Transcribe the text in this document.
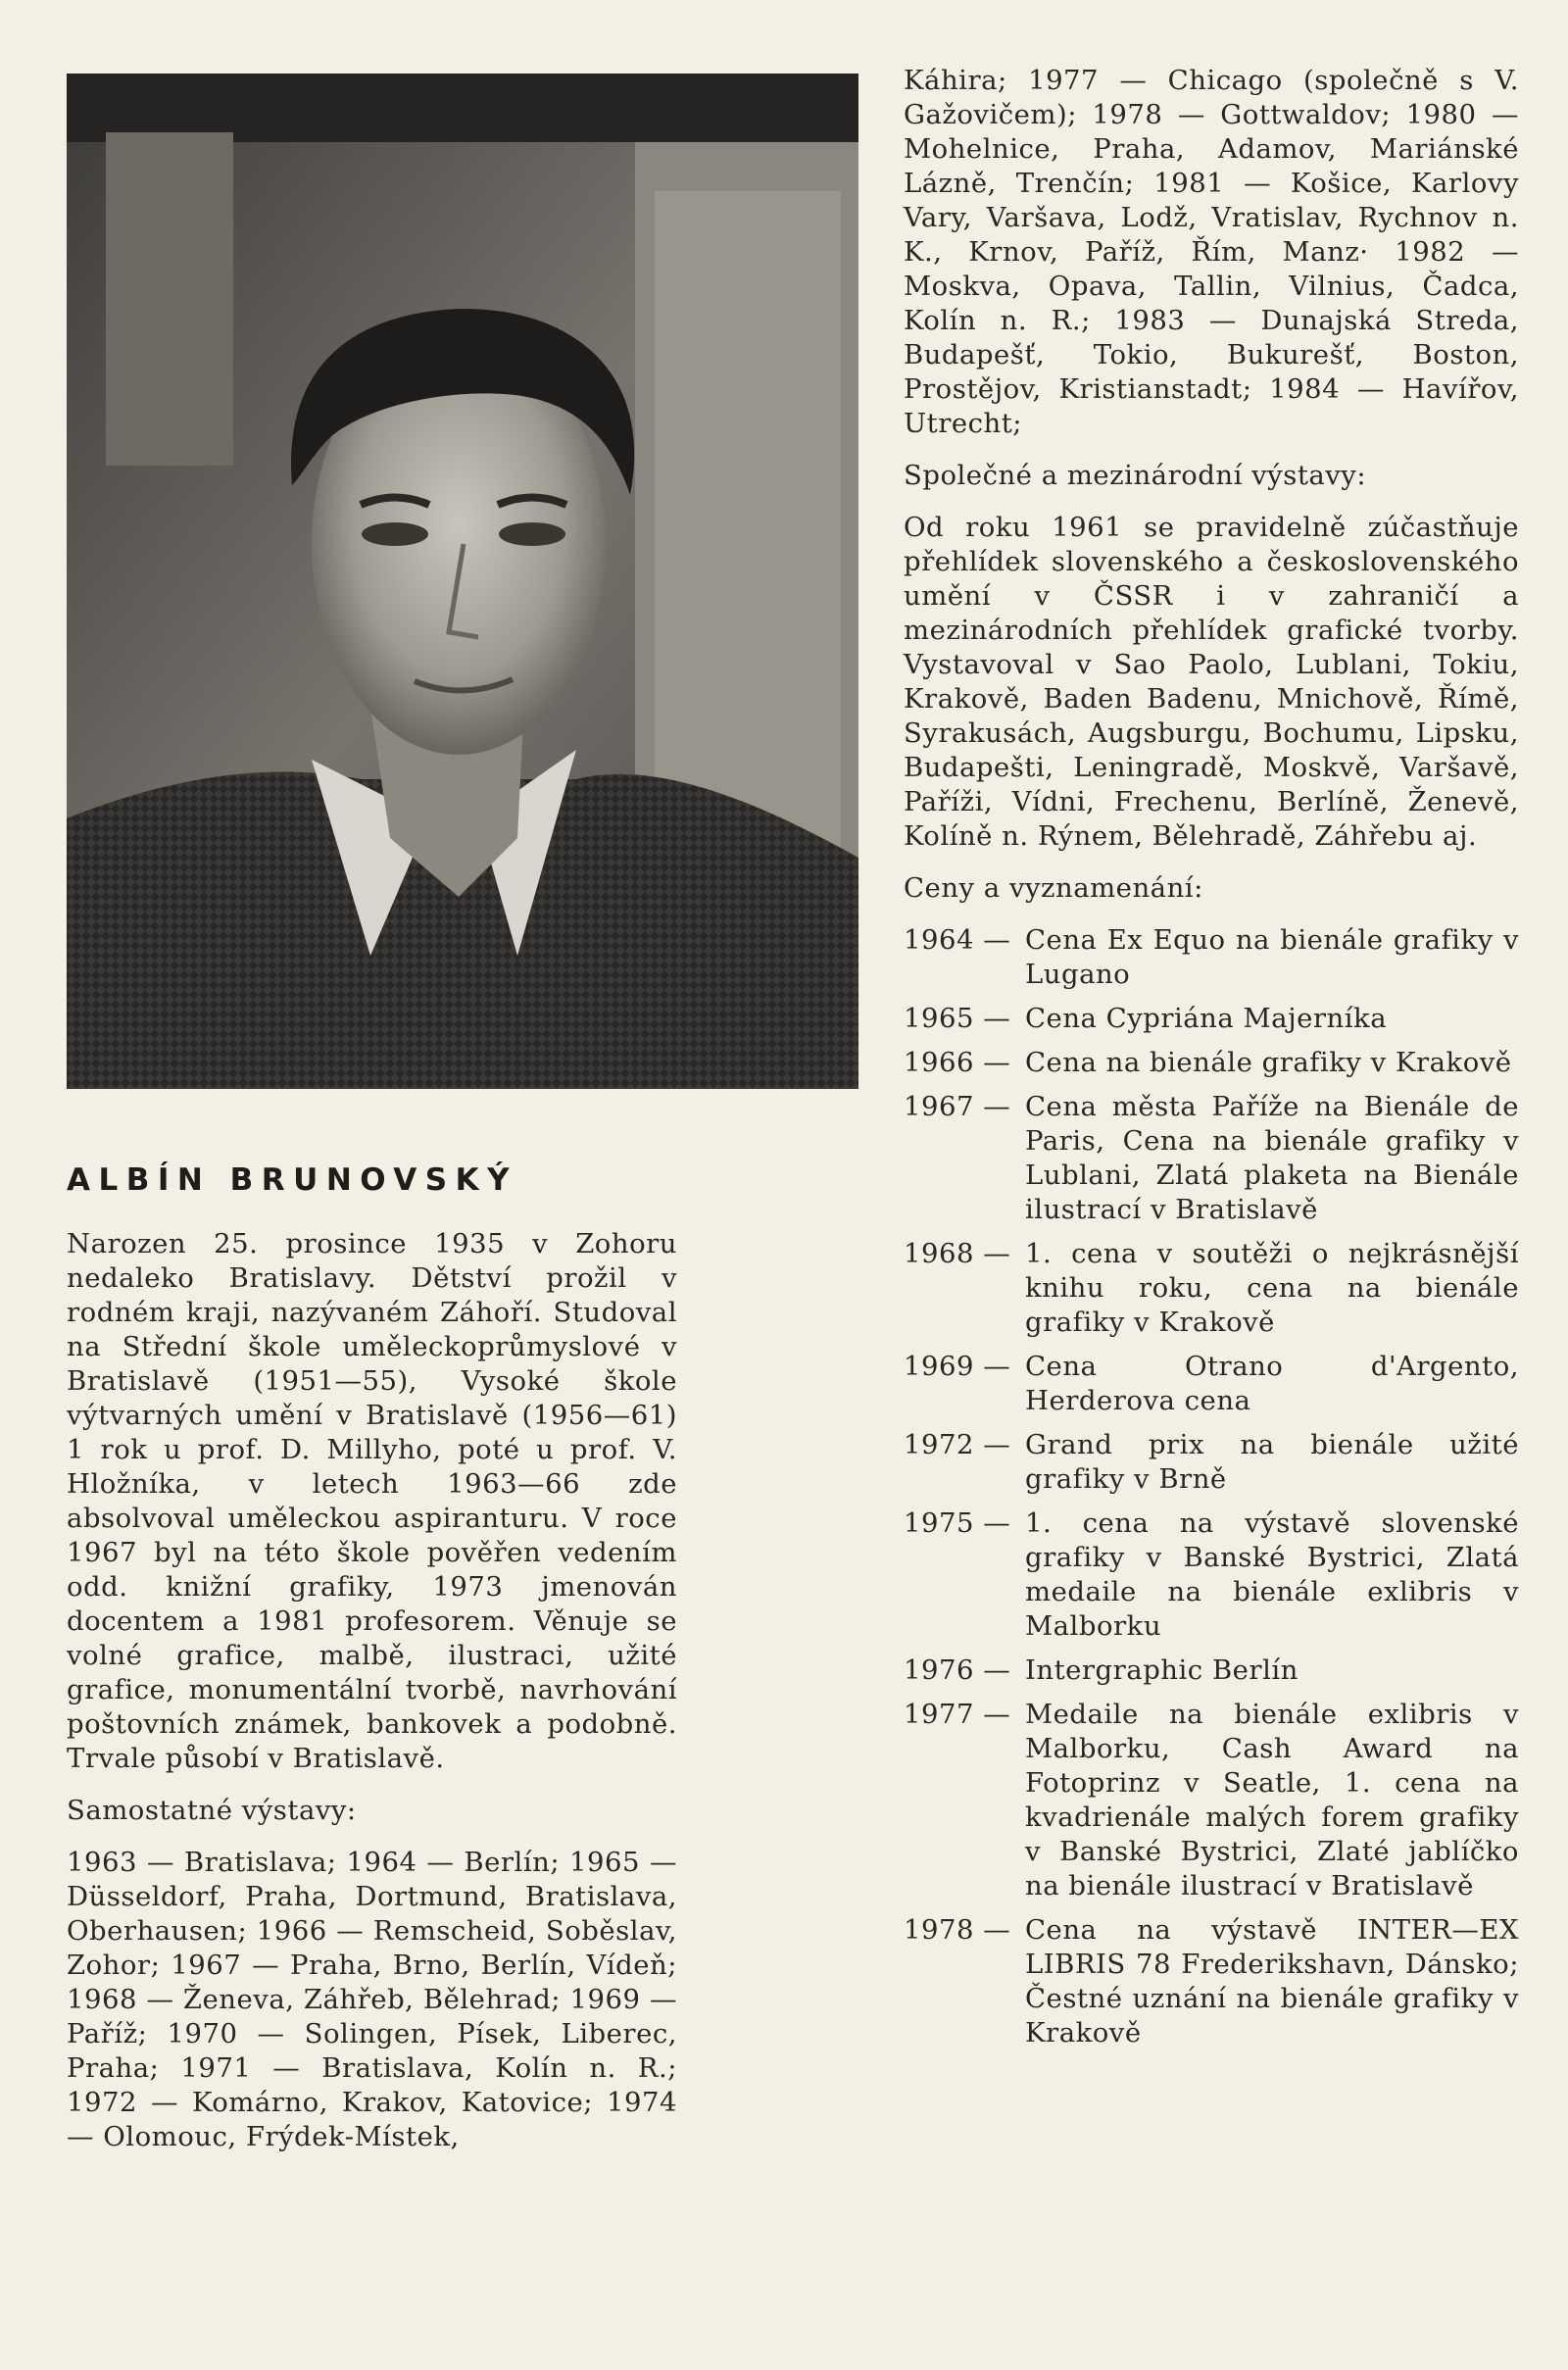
ALBÍN BRUNOVSKÝ

Narozen 25. prosince 1935 v Zohoru nedaleko Bratislavy. Dětství prožil v rodném kraji, nazývaném Záhoří. Studoval na Střední škole uměleckoprůmyslové v Bratislavě (1951—55), Vysoké škole výtvarných umění v Bratislavě (1956—61) 1 rok u prof. D. Millyho, poté u prof. V. Hložníka, v letech 1963—66 zde absolvoval uměleckou aspiranturu. V roce 1967 byl na této škole pověřen vedením odd. knižní grafiky, 1973 jmenován docentem a 1981 profesorem. Věnuje se volné grafice, malbě, ilustraci, užité grafice, monumentální tvorbě, navrhování poštovních známek, bankovek a podobně. Trvale působí v Bratislavě.

Samostatné výstavy:

1963 — Bratislava; 1964 — Berlín; 1965 — Düsseldorf, Praha, Dortmund, Bratislava, Oberhausen; 1966 — Remscheid, Soběslav, Zohor; 1967 — Praha, Brno, Berlín, Vídeň; 1968 — Ženeva, Záhřeb, Bělehrad; 1969 — Paříž; 1970 — Solingen, Písek, Liberec, Praha; 1971 — Bratislava, Kolín n. R.; 1972 — Komárno, Krakov, Katovice; 1974 — Olomouc, Frýdek-Místek,

Káhira; 1977 — Chicago (společně s V. Gažovičem); 1978 — Gottwaldov; 1980 — Mohelnice, Praha, Adamov, Mariánské Lázně, Trenčín; 1981 — Košice, Karlovy Vary, Varšava, Lodž, Vratislav, Rychnov n. K., Krnov, Paříž, Řím, Manz· 1982 — Moskva, Opava, Tallin, Vilnius, Čadca, Kolín n. R.; 1983 — Dunajská Streda, Budapešť, Tokio, Bukurešť, Boston, Prostějov, Kristianstadt; 1984 — Havířov, Utrecht;

Společné a mezinárodní výstavy:

Od roku 1961 se pravidelně zúčastňuje přehlídek slovenského a československého umění v ČSSR i v zahraničí a mezinárodních přehlídek grafické tvorby. Vystavoval v Sao Paolo, Lublani, Tokiu, Krakově, Baden Badenu, Mnichově, Římě, Syrakusách, Augsburgu, Bochumu, Lipsku, Budapešti, Leningradě, Moskvě, Varšavě, Paříži, Vídni, Frechenu, Berlíně, Ženevě, Kolíně n. Rýnem, Bělehradě, Záhřebu aj.

Ceny a vyznamenání:

1964 — Cena Ex Equo na bienále grafiky v Lugano
1965 — Cena Cypriána Majerníka
1966 — Cena na bienále grafiky v Krakově
1967 — Cena města Paříže na Bienále de Paris, Cena na bienále grafiky v Lublani, Zlatá plaketa na Bienále ilustrací v Bratislavě
1968 — 1. cena v soutěži o nejkrásnější knihu roku, cena na bienále grafiky v Krakově
1969 — Cena Otrano d'Argento, Herderova cena
1972 — Grand prix na bienále užité grafiky v Brně
1975 — 1. cena na výstavě slovenské grafiky v Banské Bystrici, Zlatá medaile na bienále exlibris v Malborku
1976 — Intergraphic Berlín
1977 — Medaile na bienále exlibris v Malborku, Cash Award na Fotoprinz v Seatle, 1. cena na kvadrienále malých forem grafiky v Banské Bystrici, Zlaté jablíčko na bienále ilustrací v Bratislavě
1978 — Cena na výstavě INTER—EX LIBRIS 78 Frederikshavn, Dánsko; Čestné uznání na bienále grafiky v Krakově
